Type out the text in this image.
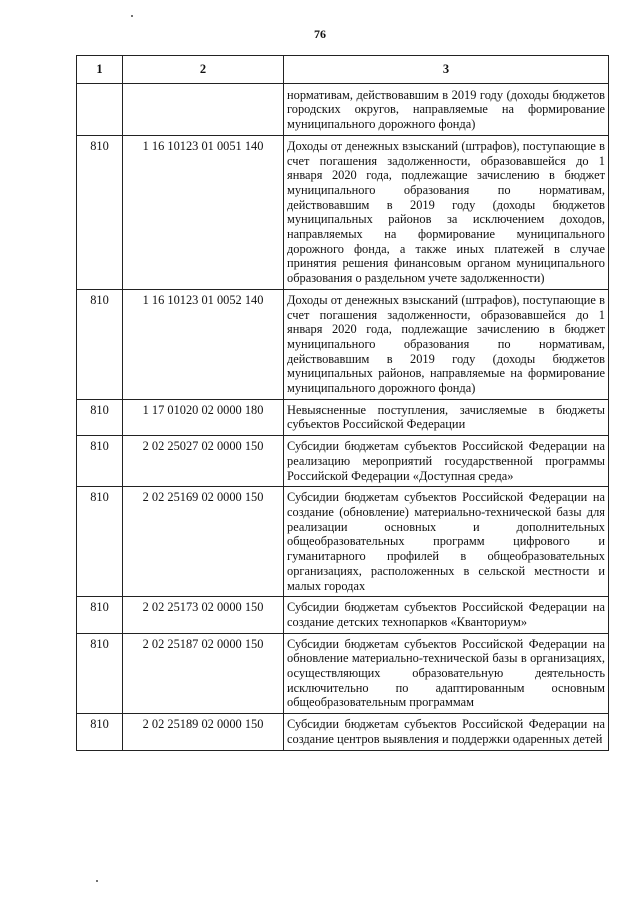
76
1	2	3
		нормативам, действовавшим в 2019 году (доходы бюджетов городских округов, направляемые на формирование муниципального дорожного фонда)
810	1 16 10123 01 0051 140	Доходы от денежных взысканий (штрафов), поступающие в счет погашения задолженности, образовавшейся до 1 января 2020 года, подлежащие зачислению в бюджет муниципального образования по нормативам, действовавшим в 2019 году (доходы бюджетов муниципальных районов за исключением доходов, направляемых на формирование муниципального дорожного фонда, а также иных платежей в случае принятия решения финансовым органом муниципального образования о раздельном учете задолженности)
810	1 16 10123 01 0052 140	Доходы от денежных взысканий (штрафов), поступающие в счет погашения задолженности, образовавшейся до 1 января 2020 года, подлежащие зачислению в бюджет муниципального образования по нормативам, действовавшим в 2019 году (доходы бюджетов муниципальных районов, направляемые на формирование муниципального дорожного фонда)
810	1 17 01020 02 0000 180	Невыясненные поступления, зачисляемые в бюджеты субъектов Российской Федерации
810	2 02 25027 02 0000 150	Субсидии бюджетам субъектов Российской Федерации на реализацию мероприятий государственной программы Российской Федерации «Доступная среда»
810	2 02 25169 02 0000 150	Субсидии бюджетам субъектов Российской Федерации на создание (обновление) материально-технической базы для реализации основных и дополнительных общеобразовательных программ цифрового и гуманитарного профилей в общеобразовательных организациях, расположенных в сельской местности и малых городах
810	2 02 25173 02 0000 150	Субсидии бюджетам субъектов Российской Федерации на создание детских технопарков «Кванториум»
810	2 02 25187 02 0000 150	Субсидии бюджетам субъектов Российской Федерации на обновление материально-технической базы в организациях, осуществляющих образовательную деятельность исключительно по адаптированным основным общеобразовательным программам
810	2 02 25189 02 0000 150	Субсидии бюджетам субъектов Российской Федерации на создание центров выявления и поддержки одаренных детей
